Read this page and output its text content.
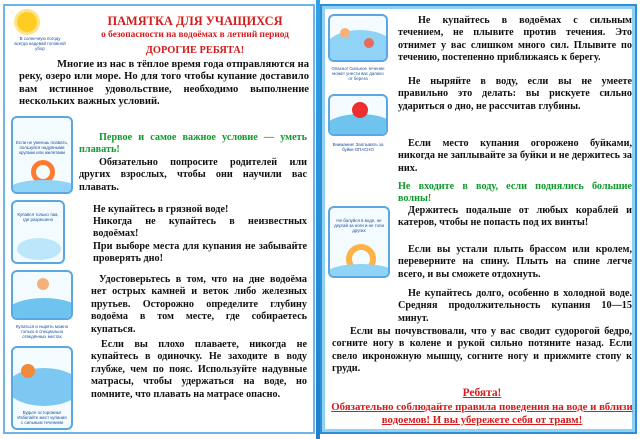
В солнечную погоду всегда надевай головной убор
ПАМЯТКА ДЛЯ УЧАЩИХСЯ
о безопасности на водоёмах в летний период
ДОРОГИЕ РЕБЯТА!
Многие из нас в тёплое время года отправляются на реку, озеро или море. Но для того чтобы купание доставило вам истинное удовольствие, необходимо выполнение нескольких важных условий.
Если не умеешь плавать, пользуйся надувными кругами или жилетами
Первое и самое важное условие — уметь плавать!
Обязательно попросите родителей или других взрослых, чтобы они научили вас плавать.
Купайся только там, где разрешено
Не купайтесь в грязной воде!
Никогда не купайтесь в неизвестных водоёмах!
При выборе места для купания не забывайте проверять дно!
Купаться и нырять можно только в специально отведённых местах
Удостоверьтесь в том, что на дне водоёма нет острых камней и веток либо железных прутьев. Осторожно определите глубину водоёма в том месте, где собираетесь купаться.
Будьте осторожны! Избегайте мест купания с сильным течением
Если вы плохо плаваете, никогда не купайтесь в одиночку. Не заходите в воду глубже, чем по пояс. Используйте надувные матрасы, чтобы удержаться на воде, но помните, что плавать на матрасе опасно.
Опасно! Сильное течение может унести вас далеко от берега
Не купайтесь в водоёмах с сильным течением, не плывите против течения. Это отнимет у вас слишком много сил. Плывите по течению, постепенно приближаясь к берегу.
Внимание! Заплывать за буйки ОПАСНО
Не ныряйте в воду, если вы не умеете правильно это делать: вы рискуете сильно удариться о дно, не рассчитав глубины.
Если место купания огорожено буйками, никогда не заплывайте за буйки и не держитесь за них.
Не входите в воду, если поднялись большие волны!
Держитесь подальше от любых кораблей и катеров, чтобы не попасть под их винты!
Не балуйся в воде, не дергай за ноги и не топи других
Если вы устали плыть брассом или кролем, переверните на спину. Плыть на спине легче всего, и вы сможете отдохнуть.
Не купайтесь долго, особенно в холодной воде. Средняя продолжительность купания 10—15 минут.
Если вы почувствовали, что у вас сводит судорогой бедро, согните ногу в колене и рукой сильно потяните назад. Если свело икроножную мышцу, согните ногу и прижмите стопу к груди.
Ребята!
Обязательно соблюдайте правила поведения на воде и вблизи водоемов! И вы убережете себя от травм!
